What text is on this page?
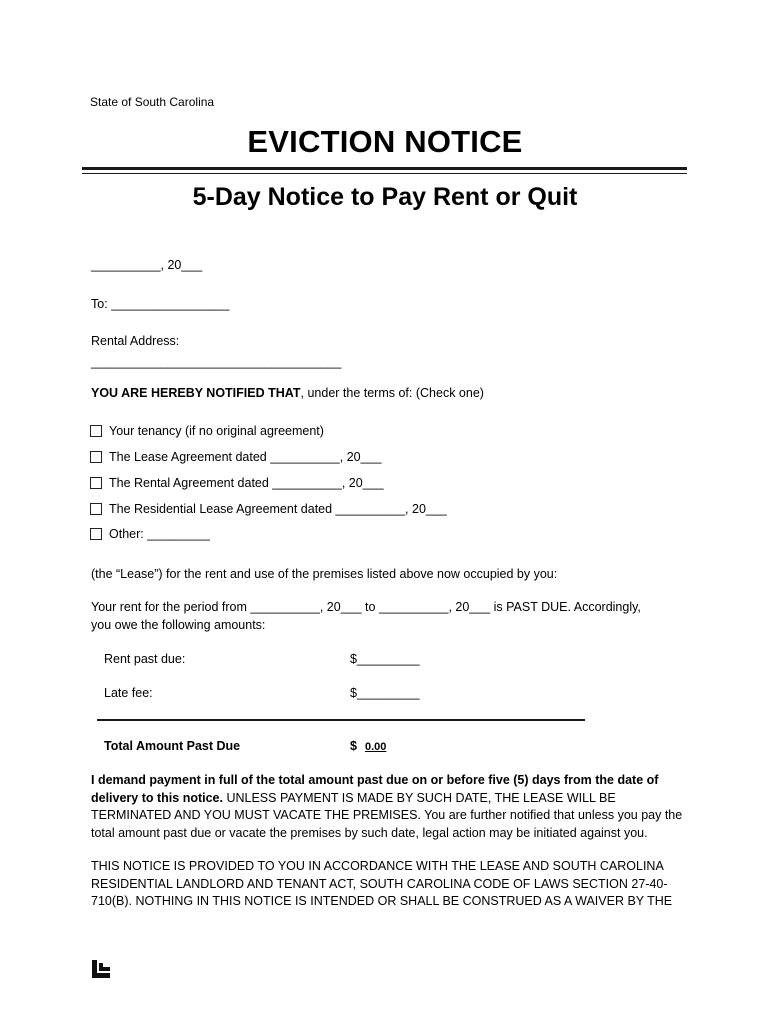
State of South Carolina
EVICTION NOTICE
5-Day Notice to Pay Rent or Quit
__________, 20___
To: _________________
Rental Address:
____________________________________
YOU ARE HEREBY NOTIFIED THAT, under the terms of: (Check one)
Your tenancy (if no original agreement)
The Lease Agreement dated __________, 20___
The Rental Agreement dated __________, 20___
The Residential Lease Agreement dated __________, 20___
Other: _________
(the “Lease”) for the rent and use of the premises listed above now occupied by you:
Your rent for the period from __________, 20___ to __________, 20___ is PAST DUE. Accordingly,
you owe the following amounts:
Rent past due:	$_________
Late fee:	$_________
Total Amount Past Due	$ 0.00
I demand payment in full of the total amount past due on or before five (5) days from the date of delivery to this notice. UNLESS PAYMENT IS MADE BY SUCH DATE, THE LEASE WILL BE TERMINATED AND YOU MUST VACATE THE PREMISES. You are further notified that unless you pay the total amount past due or vacate the premises by such date, legal action may be initiated against you.
THIS NOTICE IS PROVIDED TO YOU IN ACCORDANCE WITH THE LEASE AND SOUTH CAROLINA RESIDENTIAL LANDLORD AND TENANT ACT, SOUTH CAROLINA CODE OF LAWS SECTION 27-40-710(B). NOTHING IN THIS NOTICE IS INTENDED OR SHALL BE CONSTRUED AS A WAIVER BY THE
